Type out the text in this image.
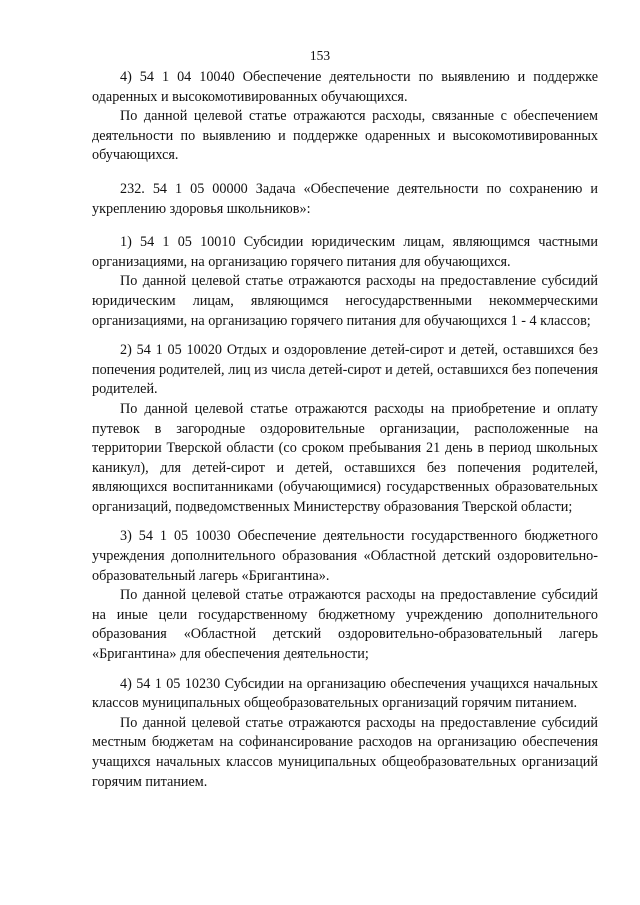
153

4) 54 1 04 10040 Обеспечение деятельности по выявлению и поддержке одаренных и высокомотивированных обучающихся.

По данной целевой статье отражаются расходы, связанные с обеспечением деятельности по выявлению и поддержке одаренных и высокомотивированных обучающихся.

232. 54 1 05 00000 Задача «Обеспечение деятельности по сохранению и укреплению здоровья школьников»:

1) 54 1 05 10010 Субсидии юридическим лицам, являющимся частными организациями, на организацию горячего питания для обучающихся.

По данной целевой статье отражаются расходы на предоставление субсидий юридическим лицам, являющимся негосударственными некоммерческими организациями, на организацию горячего питания для обучающихся 1 - 4 классов;

2) 54 1 05 10020 Отдых и оздоровление детей-сирот и детей, оставшихся без попечения родителей, лиц из числа детей-сирот и детей, оставшихся без попечения родителей.

По данной целевой статье отражаются расходы на приобретение и оплату путевок в загородные оздоровительные организации, расположенные на территории Тверской области (со сроком пребывания 21 день в период школьных каникул), для детей-сирот и детей, оставшихся без попечения родителей, являющихся воспитанниками (обучающимися) государственных образовательных организаций, подведомственных Министерству образования Тверской области;

3) 54 1 05 10030 Обеспечение деятельности государственного бюджетного учреждения дополнительного образования «Областной детский оздоровительно-образовательный лагерь «Бригантина».

По данной целевой статье отражаются расходы на предоставление субсидий на иные цели государственному бюджетному учреждению дополнительного образования «Областной детский оздоровительно-образовательный лагерь «Бригантина» для обеспечения деятельности;

4) 54 1 05 10230 Субсидии на организацию обеспечения учащихся начальных классов муниципальных общеобразовательных организаций горячим питанием.

По данной целевой статье отражаются расходы на предоставление субсидий местным бюджетам на софинансирование расходов на организацию обеспечения учащихся начальных классов муниципальных общеобразовательных организаций горячим питанием.
